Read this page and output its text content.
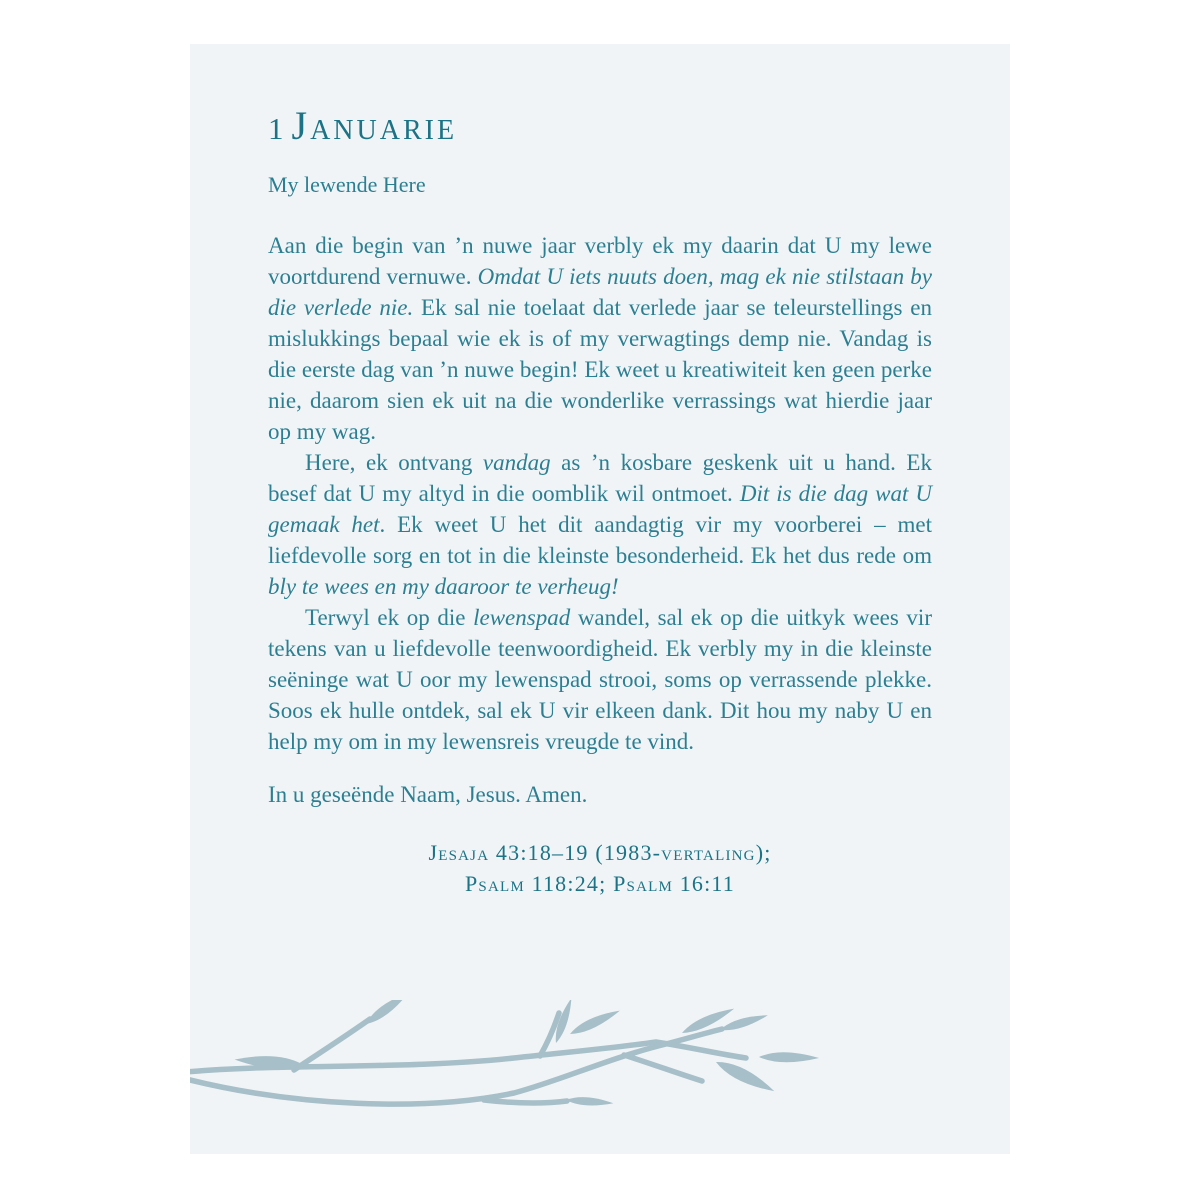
1 Januarie

My lewende Here

Aan die begin van ’n nuwe jaar verbly ek my daarin dat U my lewe voortdurend vernuwe. Omdat U iets nuuts doen, mag ek nie stilstaan by die verlede nie. Ek sal nie toelaat dat verlede jaar se teleurstellings en mislukkings bepaal wie ek is of my verwagtings demp nie. Vandag is die eerste dag van ’n nuwe begin! Ek weet u kreatiwiteit ken geen perke nie, daarom sien ek uit na die wonderlike verrassings wat hierdie jaar op my wag.

Here, ek ontvang vandag as ’n kosbare geskenk uit u hand. Ek besef dat U my altyd in die oomblik wil ontmoet. Dit is die dag wat U gemaak het. Ek weet U het dit aandagtig vir my voorberei – met liefdevolle sorg en tot in die kleinste besonderheid. Ek het dus rede om bly te wees en my daaroor te verheug!

Terwyl ek op die lewenspad wandel, sal ek op die uitkyk wees vir tekens van u liefdevolle teenwoordigheid. Ek verbly my in die kleinste seëninge wat U oor my lewenspad strooi, soms op verrassende plekke. Soos ek hulle ontdek, sal ek U vir elkeen dank. Dit hou my naby U en help my om in my lewensreis vreugde te vind.

In u geseënde Naam, Jesus. Amen.

Jesaja 43:18–19 (1983-vertaling);
Psalm 118:24; Psalm 16:11
